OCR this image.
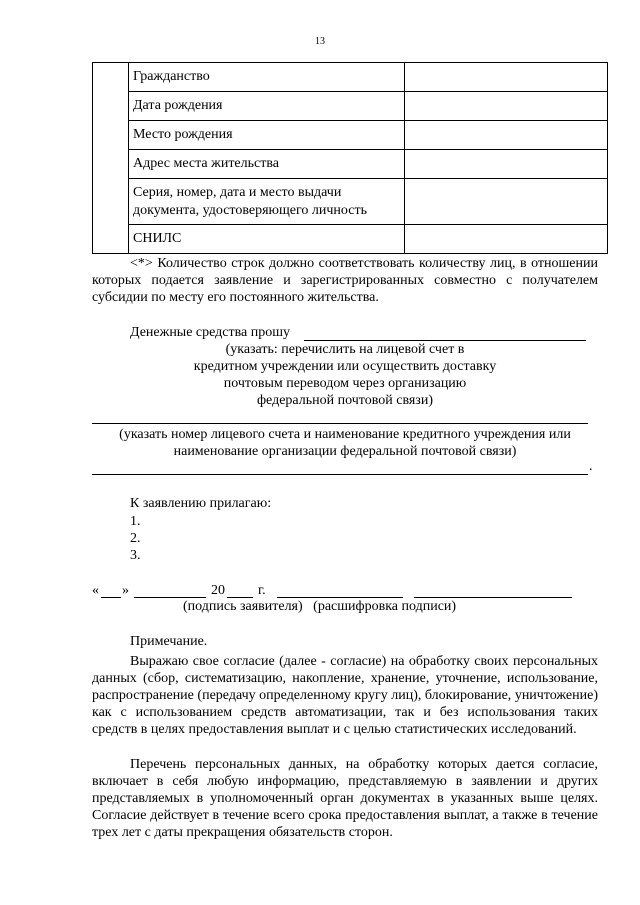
13
	Гражданство	
	Дата рождения	
	Место рождения	
	Адрес места жительства	
	Серия, номер, дата и место выдачи документа, удостоверяющего личность	
	СНИЛС	
<*> Количество строк должно соответствовать количеству лиц, в отношении которых подается заявление и зарегистрированных совместно с получателем субсидии по месту его постоянного жительства.
Денежные средства прошу
(указать: перечислить на лицевой счет в
кредитном учреждении или осуществить доставку
почтовым переводом через организацию
федеральной почтовой связи)
(указать номер лицевого счета и наименование кредитного учреждения или
наименование организации федеральной почтовой связи)
.
К заявлению прилагаю:
1.
2.
3.
« »	20 г.
(подпись заявителя)   (расшифровка подписи)
Примечание.
Выражаю свое согласие (далее - согласие) на обработку своих персональных данных (сбор, систематизацию, накопление, хранение, уточнение, использование, распространение (передачу определенному кругу лиц), блокирование, уничтожение) как с использованием средств автоматизации, так и без использования таких средств в целях предоставления выплат и с целью статистических исследований.
Перечень персональных данных, на обработку которых дается согласие, включает в себя любую информацию, представляемую в заявлении и других представляемых в уполномоченный орган документах в указанных выше целях. Согласие действует в течение всего срока предоставления выплат, а также в течение трех лет с даты прекращения обязательств сторон.
